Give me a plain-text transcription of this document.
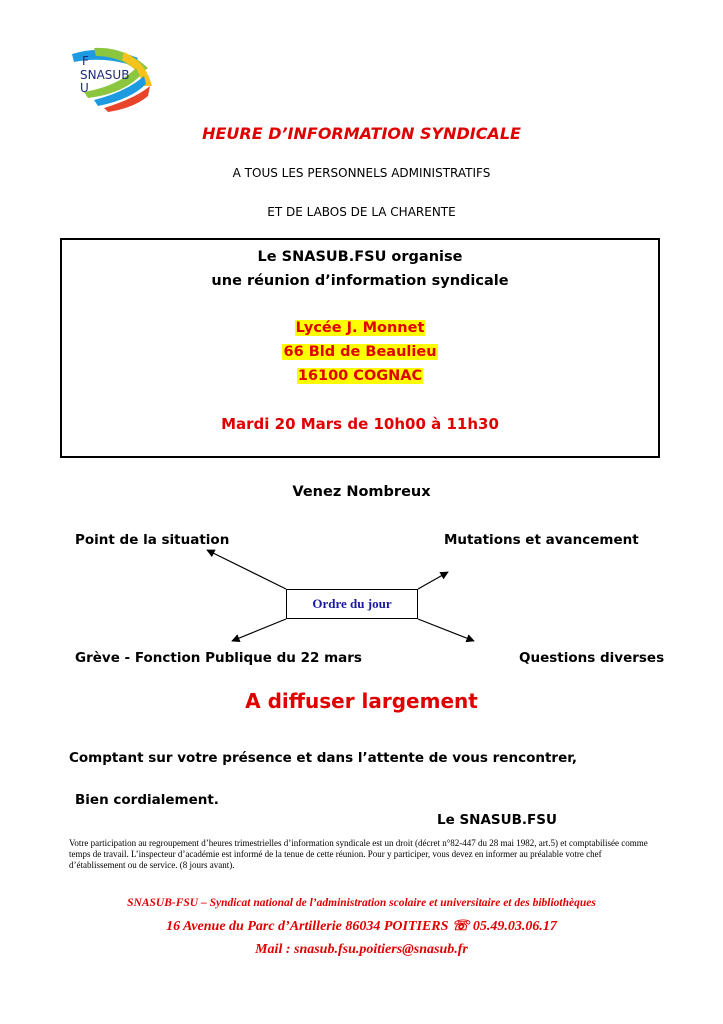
F
SNASUB
U
HEURE D’INFORMATION SYNDICALE
A TOUS LES PERSONNELS ADMINISTRATIFS
ET DE LABOS DE LA CHARENTE
Le SNASUB.FSU organise
une réunion d’information syndicale
Lycée J. Monnet
66 Bld de Beaulieu
16100 COGNAC
Mardi 20 Mars de 10h00 à 11h30
Venez Nombreux
Point de la situation	Mutations et avancement
Grève - Fonction Publique du 22 mars	Questions diverses
Ordre du jour
A diffuser largement
Comptant sur votre présence et dans l’attente de vous rencontrer,
Bien cordialement.
Le SNASUB.FSU
Votre participation au regroupement d’heures trimestrielles d’information syndicale est un droit (décret n°82-447 du 28 mai 1982, art.5) et comptabilisée comme temps de travail. L’inspecteur d’académie est informé de la tenue de cette réunion. Pour y participer, vous devez en informer au préalable votre chef d’établissement ou de service. (8 jours avant).
SNASUB-FSU – Syndicat national de l’administration scolaire et universitaire et des bibliothèques
16 Avenue du Parc d’Artillerie 86034 POITIERS ☏ 05.49.03.06.17
Mail : snasub.fsu.poitiers@snasub.fr
